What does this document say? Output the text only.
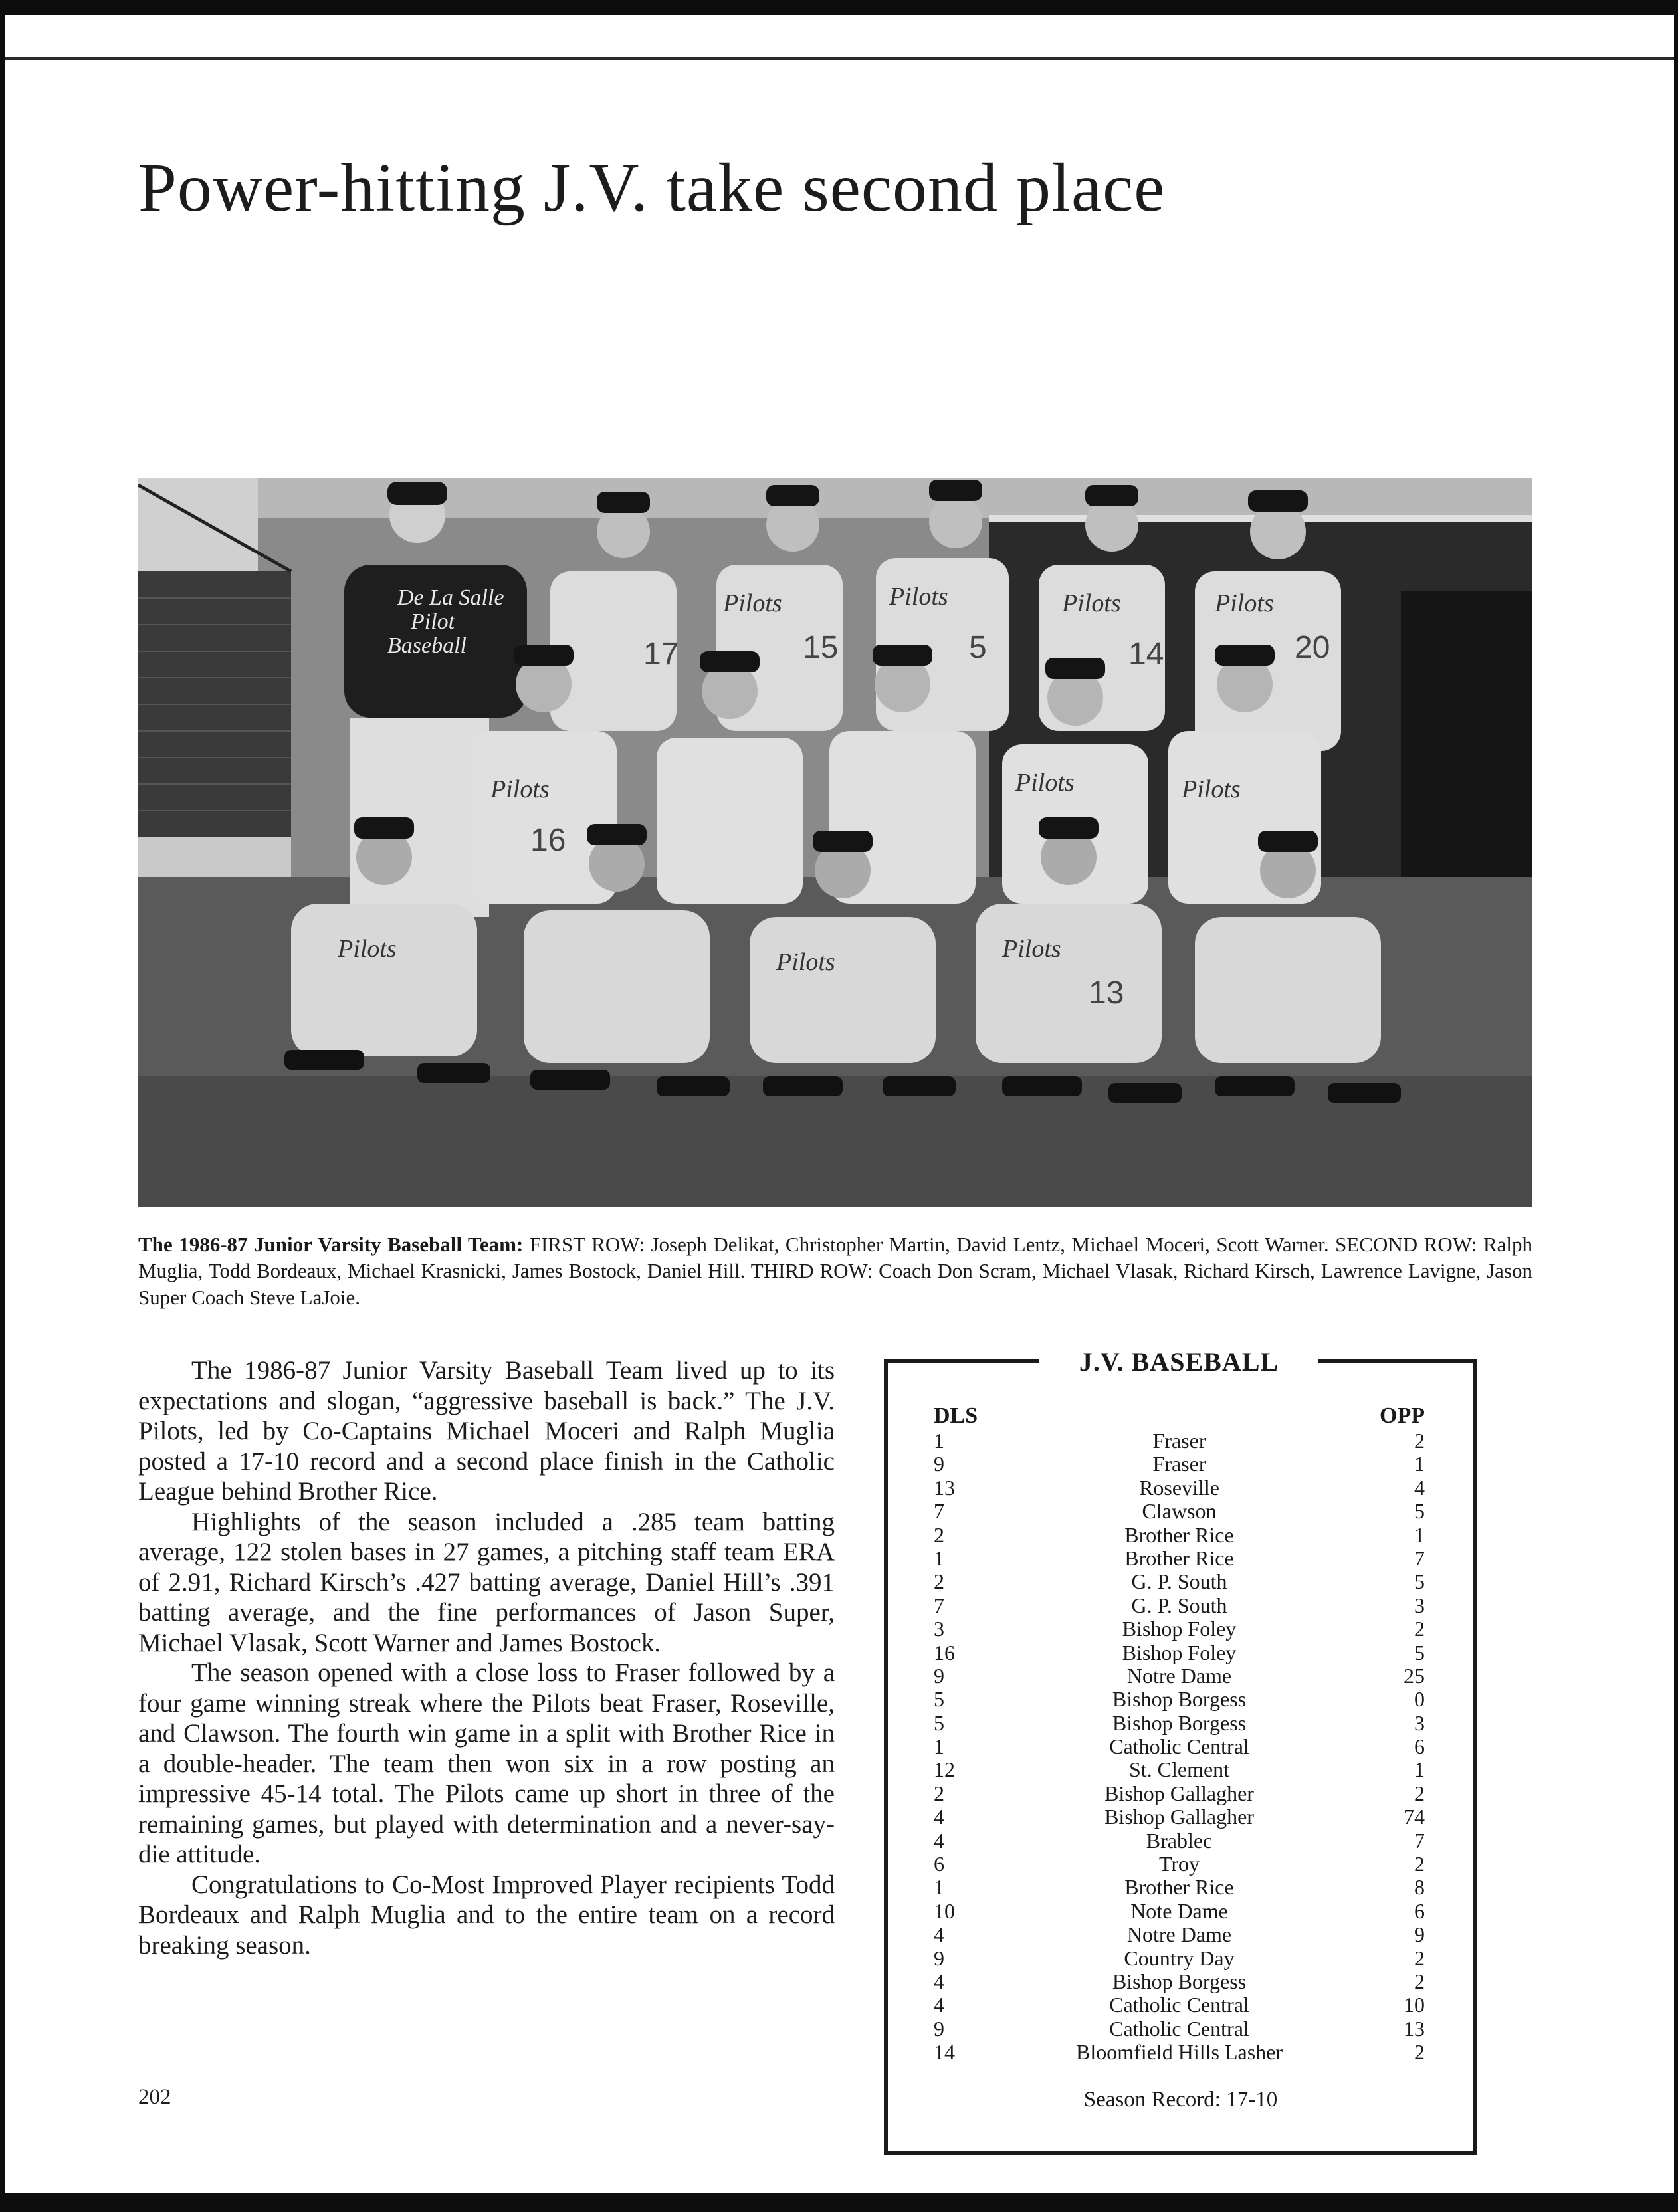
Power-hitting J.V. take second place
De La Salle
Pilot
Baseball
Pilots	Pilots	Pilots	Pilots
Pilots	Pilots	Pilots
Pilots	Pilots	Pilots
17	15	5	14	20
16
13
The 1986-87 Junior Varsity Baseball Team: FIRST ROW: Joseph Delikat, Christopher Martin, David Lentz, Michael Moceri, Scott Warner. SECOND ROW: Ralph Muglia, Todd Bordeaux, Michael Krasnicki, James Bostock, Daniel Hill. THIRD ROW: Coach Don Scram, Michael Vlasak, Richard Kirsch, Lawrence Lavigne, Jason Super Coach Steve LaJoie.

The 1986-87 Junior Varsity Baseball Team lived up to its expectations and slogan, “aggressive baseball is back.” The J.V. Pilots, led by Co-Captains Michael Moceri and Ralph Muglia posted a 17-10 record and a second place finish in the Catholic League behind Brother Rice.

Highlights of the season included a .285 team batting average, 122 stolen bases in 27 games, a pitching staff team ERA of 2.91, Richard Kirsch’s .427 batting average, Daniel Hill’s .391 batting average, and the fine performances of Jason Super, Michael Vlasak, Scott Warner and James Bostock.

The season opened with a close loss to Fraser followed by a four game winning streak where the Pilots beat Fraser, Roseville, and Clawson. The fourth win game in a split with Brother Rice in a double-header. The team then won six in a row posting an impressive 45-14 total. The Pilots came up short in three of the remaining games, but played with determination and a never-say-die attitude.

Congratulations to Co-Most Improved Player recipients Todd Bordeaux and Ralph Muglia and to the entire team on a record breaking season.

202
J.V. BASEBALL
DLS	OPP
1	Fraser	2
9	Fraser	1
13	Roseville	4
7	Clawson	5
2	Brother Rice	1
1	Brother Rice	7
2	G. P. South	5
7	G. P. South	3
3	Bishop Foley	2
16	Bishop Foley	5
9	Notre Dame	25
5	Bishop Borgess	0
5	Bishop Borgess	3
1	Catholic Central	6
12	St. Clement	1
2	Bishop Gallagher	2
4	Bishop Gallagher	74
4	Brablec	7
6	Troy	2
1	Brother Rice	8
10	Note Dame	6
4	Notre Dame	9
9	Country Day	2
4	Bishop Borgess	2
4	Catholic Central	10
9	Catholic Central	13
14	Bloomfield Hills Lasher	2
Season Record: 17-10
